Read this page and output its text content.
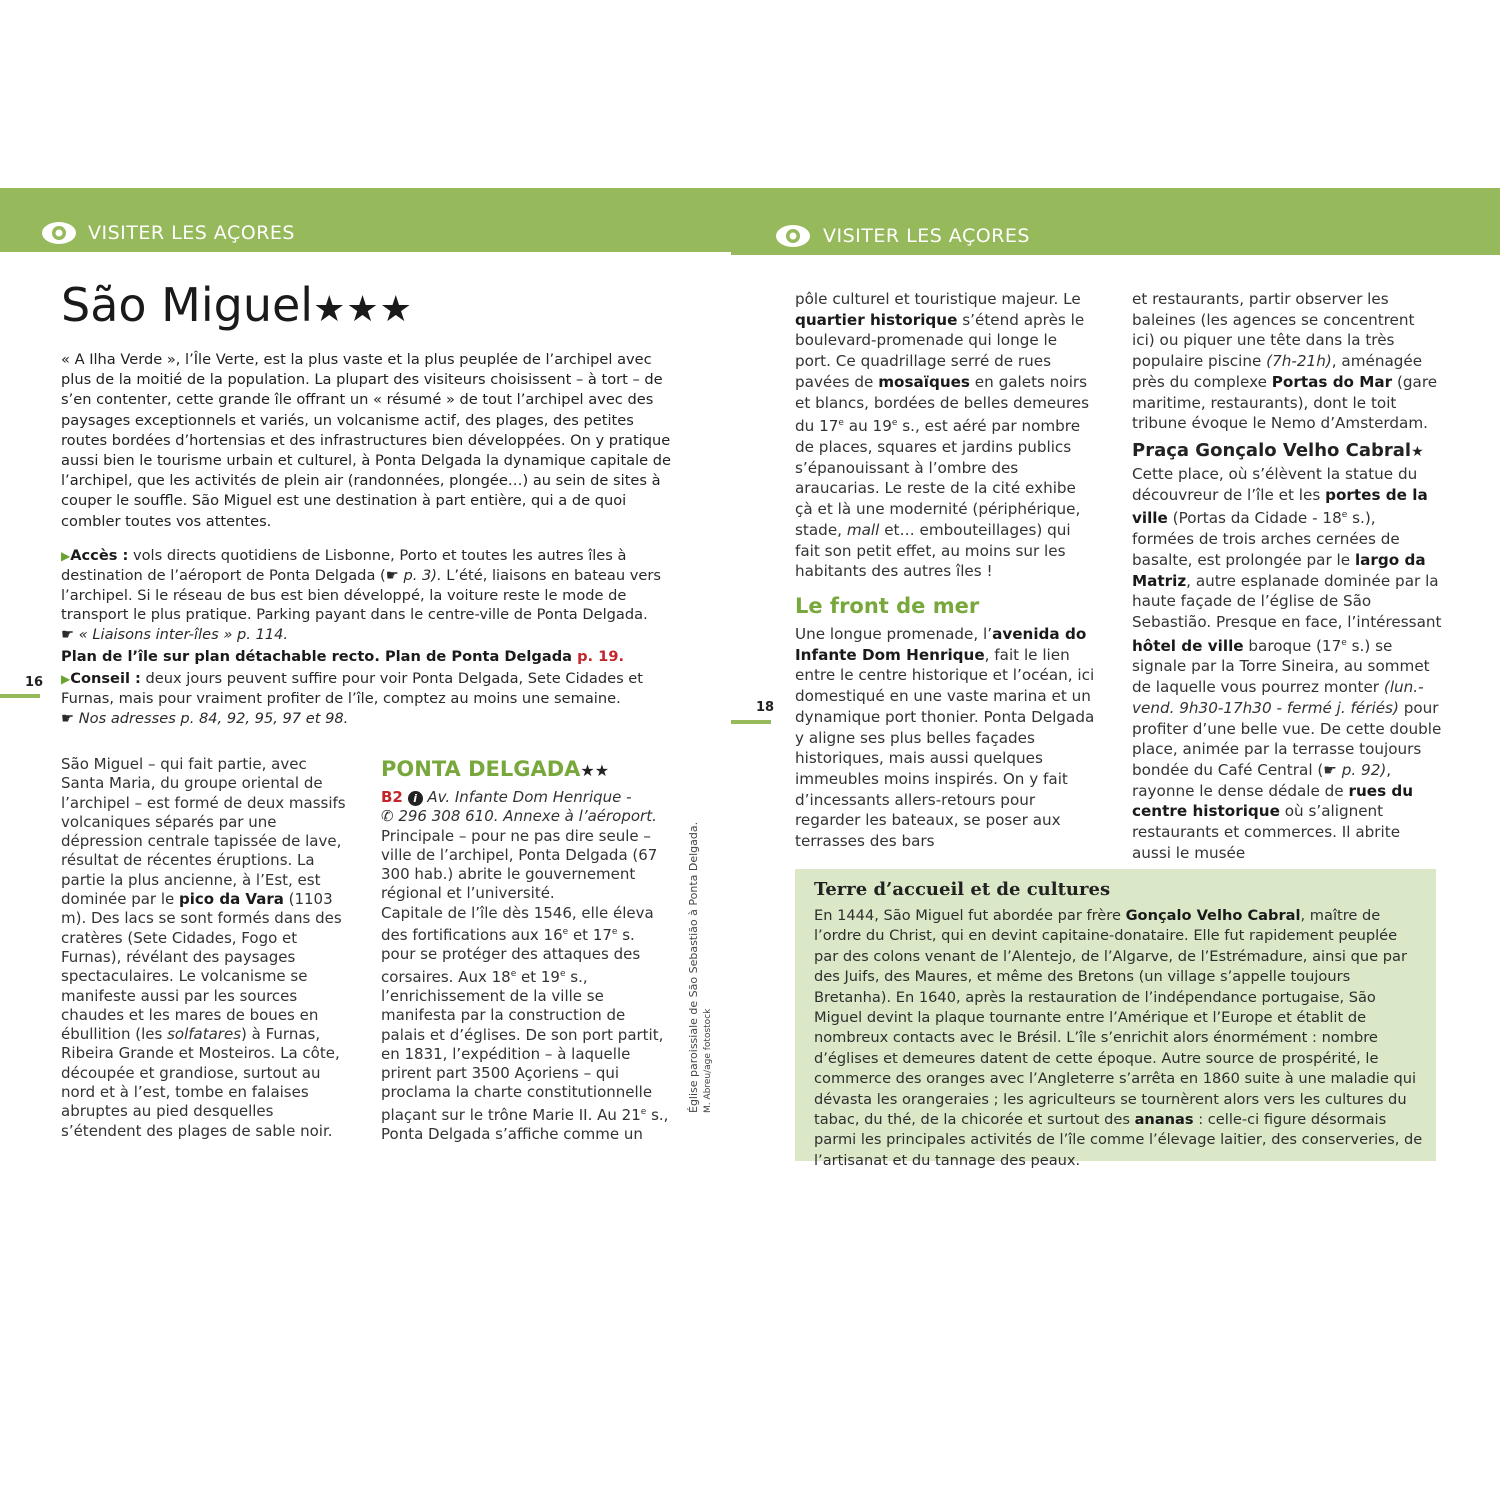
VISITER LES AÇORES	VISITER LES AÇORES
16
18
São Miguel★★★
« A Ilha Verde », l’Île Verte, est la plus vaste et la plus peuplée de l’archipel avec plus de la moitié de la population. La plupart des visiteurs choisissent – à tort – de s’en contenter, cette grande île offrant un « résumé » de tout l’archipel avec des paysages exceptionnels et variés, un volcanisme actif, des plages, des petites routes bordées d’hortensias et des infrastructures bien développées. On y pratique aussi bien le tourisme urbain et culturel, à Ponta Delgada la dynamique capitale de l’archipel, que les activités de plein air (randonnées, plongée…) au sein de sites à couper le souffle. São Miguel est une destination à part entière, qui a de quoi combler toutes vos attentes.
▶Accès : vols directs quotidiens de Lisbonne, Porto et toutes les autres îles à destination de l’aéroport de Ponta Delgada (☛ p. 3). L’été, liaisons en bateau vers l’archipel. Si le réseau de bus est bien développé, la voiture reste le mode de transport le plus pratique. Parking payant dans le centre-ville de Ponta Delgada.
☛ « Liaisons inter-îles » p. 114.
Plan de l’île sur plan détachable recto. Plan de Ponta Delgada p. 19.
▶Conseil : deux jours peuvent suffire pour voir Ponta Delgada, Sete Cidades et Furnas, mais pour vraiment profiter de l’île, comptez au moins une semaine.
☛ Nos adresses p. 84, 92, 95, 97 et 98.
São Miguel – qui fait partie, avec Santa Maria, du groupe oriental de l’archipel – est formé de deux massifs volcaniques séparés par une dépression centrale tapissée de lave, résultat de récentes éruptions. La partie la plus ancienne, à l’Est, est dominée par le pico da Vara (1103 m). Des lacs se sont formés dans des cratères (Sete Cidades, Fogo et Furnas), révélant des paysages spectaculaires. Le volcanisme se manifeste aussi par les sources chaudes et les mares de boues en ébullition (les solfatares) à Furnas, Ribeira Grande et Mosteiros. La côte, découpée et grandiose, surtout au nord et à l’est, tombe en falaises abruptes au pied desquelles s’étendent des plages de sable noir.
PONTA DELGADA★★
B2 i Av. Infante Dom Henrique -
✆ 296 308 610. Annexe à l’aéroport.
Principale – pour ne pas dire seule – ville de l’archipel, Ponta Delgada (67 300 hab.) abrite le gouvernement régional et l’université.
Capitale de l’île dès 1546, elle éleva des fortifications aux 16e et 17e s. pour se protéger des attaques des corsaires. Aux 18e et 19e s., l’enrichissement de la ville se manifesta par la construction de palais et d’églises. De son port partit, en 1831, l’expédition – à laquelle prirent part 3500 Açoriens – qui proclama la charte constitutionnelle plaçant sur le trône Marie II. Au 21e s., Ponta Delgada s’affiche comme un
Église paroissiale de São Sebastião à Ponta Delgada. M. Abreu/age fotostock
pôle culturel et touristique majeur. Le quartier historique s’étend après le boulevard-promenade qui longe le port. Ce quadrillage serré de rues pavées de mosaïques en galets noirs et blancs, bordées de belles demeures du 17e au 19e s., est aéré par nombre de places, squares et jardins publics s’épanouissant à l’ombre des araucarias. Le reste de la cité exhibe çà et là une modernité (périphérique, stade, mall et… embouteillages) qui fait son petit effet, au moins sur les habitants des autres îles !
Le front de mer
Une longue promenade, l’avenida do Infante Dom Henrique, fait le lien entre le centre historique et l’océan, ici domestiqué en une vaste marina et un dynamique port thonier. Ponta Delgada y aligne ses plus belles façades historiques, mais aussi quelques immeubles moins inspirés. On y fait d’incessants allers-retours pour regarder les bateaux, se poser aux terrasses des bars
et restaurants, partir observer les baleines (les agences se concentrent ici) ou piquer une tête dans la très populaire piscine (7h-21h), aménagée près du complexe Portas do Mar (gare maritime, restaurants), dont le toit tribune évoque le Nemo d’Amsterdam.
Praça Gonçalo Velho Cabral★
Cette place, où s’élèvent la statue du découvreur de l’île et les portes de la ville (Portas da Cidade - 18e s.), formées de trois arches cernées de basalte, est prolongée par le largo da Matriz, autre esplanade dominée par la haute façade de l’église de São Sebastião. Presque en face, l’intéressant hôtel de ville baroque (17e s.) se signale par la Torre Sineira, au sommet de laquelle vous pourrez monter (lun.-vend. 9h30-17h30 - fermé j. fériés) pour profiter d’une belle vue. De cette double place, animée par la terrasse toujours bondée du Café Central (☛ p. 92), rayonne le dense dédale de rues du centre historique où s’alignent restaurants et commerces. Il abrite aussi le musée
Terre d’accueil et de cultures
En 1444, São Miguel fut abordée par frère Gonçalo Velho Cabral, maître de l’ordre du Christ, qui en devint capitaine-donataire. Elle fut rapidement peuplée par des colons venant de l’Alentejo, de l’Algarve, de l’Estrémadure, ainsi que par des Juifs, des Maures, et même des Bretons (un village s’appelle toujours Bretanha). En 1640, après la restauration de l’indépendance portugaise, São Miguel devint la plaque tournante entre l’Amérique et l’Europe et établit de nombreux contacts avec le Brésil. L’île s’enrichit alors énormément : nombre d’églises et demeures datent de cette époque. Autre source de prospérité, le commerce des oranges avec l’Angleterre s’arrêta en 1860 suite à une maladie qui dévasta les orangeraies ; les agriculteurs se tournèrent alors vers les cultures du tabac, du thé, de la chicorée et surtout des ananas : celle-ci figure désormais parmi les principales activités de l’île comme l’élevage laitier, des conserveries, de l’artisanat et du tannage des peaux.
